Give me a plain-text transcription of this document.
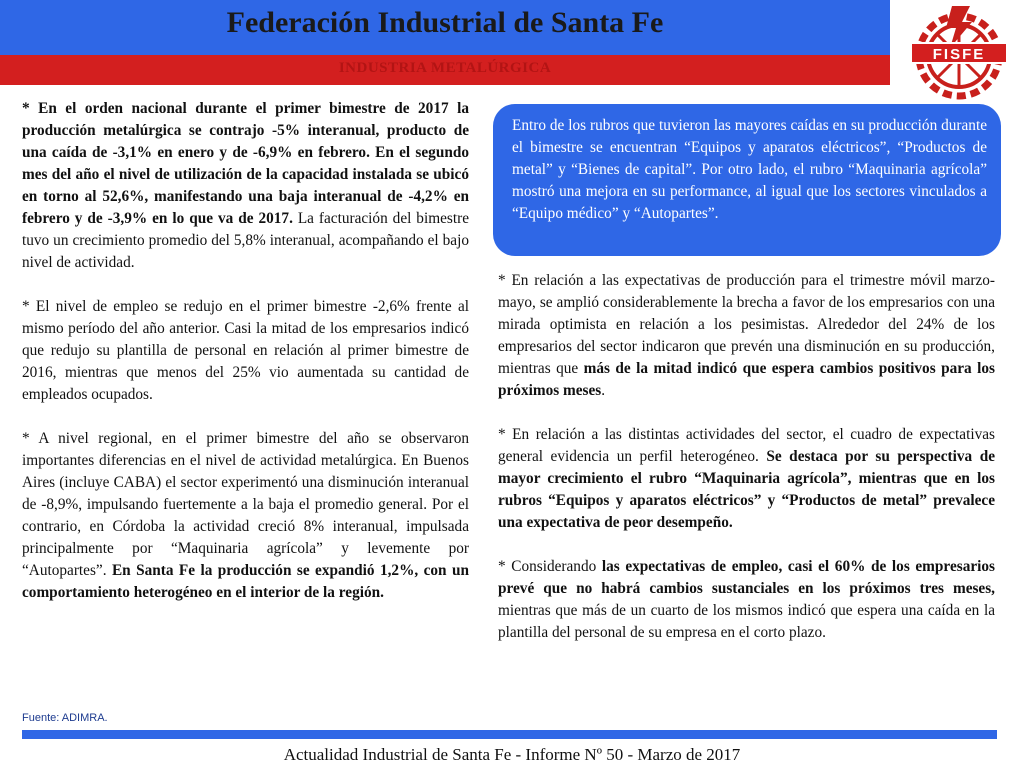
Federación Industrial de Santa Fe
INDUSTRIA METALÚRGICA
FISFE

* En el orden nacional durante el primer bimestre de 2017 la producción metalúrgica se contrajo -5% interanual, producto de una caída de -3,1% en enero y de -6,9% en febrero. En el segundo mes del año el nivel de utilización de la capacidad instalada se ubicó en torno al 52,6%, manifestando una baja interanual de -4,2% en febrero y de -3,9% en lo que va de 2017. La facturación del bimestre tuvo un crecimiento promedio del 5,8% interanual, acompañando el bajo nivel de actividad.

* El nivel de empleo se redujo en el primer bimestre -2,6% frente al mismo período del año anterior. Casi la mitad de los empresarios indicó que redujo su plantilla de personal en relación al primer bimestre de 2016, mientras que menos del 25% vio aumentada su cantidad de empleados ocupados.

* A nivel regional, en el primer bimestre del año se observaron importantes diferencias en el nivel de actividad metalúrgica. En Buenos Aires (incluye CABA) el sector experimentó una disminución interanual de -8,9%, impulsando fuertemente a la baja el promedio general. Por el contrario, en Córdoba la actividad creció 8% interanual, impulsada principalmente por “Maquinaria agrícola” y levemente por “Autopartes”. En Santa Fe la producción se expandió 1,2%, con un comportamiento heterogéneo en el interior de la región.

Entro de los rubros que tuvieron las mayores caídas en su producción durante el bimestre se encuentran “Equipos y aparatos eléctricos”, “Productos de metal” y “Bienes de capital”. Por otro lado, el rubro “Maquinaria agrícola” mostró una mejora en su performance, al igual que los sectores vinculados a “Equipo médico” y “Autopartes”.

* En relación a las expectativas de producción para el trimestre móvil marzo-mayo, se amplió considerablemente la brecha a favor de los empresarios con una mirada optimista en relación a los pesimistas. Alrededor del 24% de los empresarios del sector indicaron que prevén una disminución en su producción, mientras que más de la mitad indicó que espera cambios positivos para los próximos meses.

* En relación a las distintas actividades del sector, el cuadro de expectativas general evidencia un perfil heterogéneo. Se destaca por su perspectiva de mayor crecimiento el rubro “Maquinaria agrícola”, mientras que en los rubros “Equipos y aparatos eléctricos” y “Productos de metal” prevalece una expectativa de peor desempeño.

* Considerando las expectativas de empleo, casi el 60% de los empresarios prevé que no habrá cambios sustanciales en los próximos tres meses, mientras que más de un cuarto de los mismos indicó que espera una caída en la plantilla del personal de su empresa en el corto plazo.

Fuente: ADIMRA.
Actualidad Industrial de Santa Fe - Informe Nº 50 - Marzo de 2017
